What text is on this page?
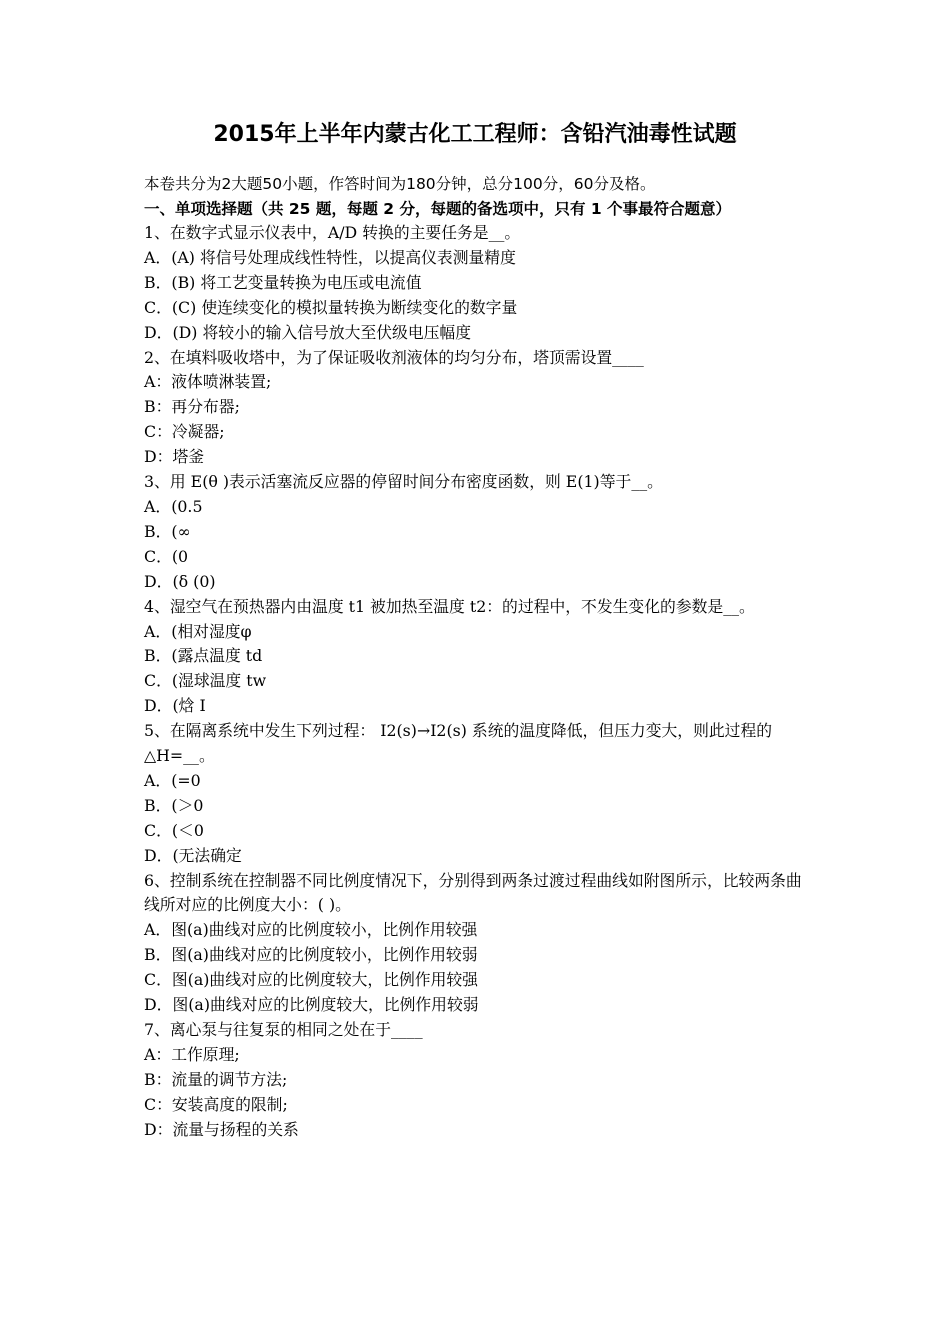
2015年上半年内蒙古化工工程师：含铅汽油毒性试题
本卷共分为2大题50小题，作答时间为180分钟，总分100分，60分及格。
一、单项选择题（共 25 题，每题 2 分，每题的备选项中，只有 1 个事最符合题意）
1、在数字式显示仪表中，A/D 转换的主要任务是__。
A．(A) 将信号处理成线性特性，以提高仪表测量精度
B．(B) 将工艺变量转换为电压或电流值
C．(C) 使连续变化的模拟量转换为断续变化的数字量
D．(D) 将较小的输入信号放大至伏级电压幅度
2、在填料吸收塔中，为了保证吸收剂液体的均匀分布，塔顶需设置____
A：液体喷淋装置;
B：再分布器;
C：冷凝器;
D：塔釜
3、用 E(θ )表示活塞流反应器的停留时间分布密度函数，则 E(1)等于__。
A．(0.5
B．(∞
C．(0
D．(δ (0)
4、湿空气在预热器内由温度 t1 被加热至温度 t2：的过程中，不发生变化的参数是__。
A．(相对湿度φ
B．(露点温度 td
C．(湿球温度 tw
D．(焓 I
5、在隔离系统中发生下列过程： I2(s)→I2(s) 系统的温度降低，但压力变大，则此过程的△H=__。
A．(=0
B．(＞0
C．(＜0
D．(无法确定
6、控制系统在控制器不同比例度情况下，分别得到两条过渡过程曲线如附图所示，比较两条曲线所对应的比例度大小：( )。
A．图(a)曲线对应的比例度较小，比例作用较强
B．图(a)曲线对应的比例度较小，比例作用较弱
C．图(a)曲线对应的比例度较大，比例作用较强
D．图(a)曲线对应的比例度较大，比例作用较弱
7、离心泵与往复泵的相同之处在于____
A：工作原理;
B：流量的调节方法;
C：安装高度的限制;
D：流量与扬程的关系
